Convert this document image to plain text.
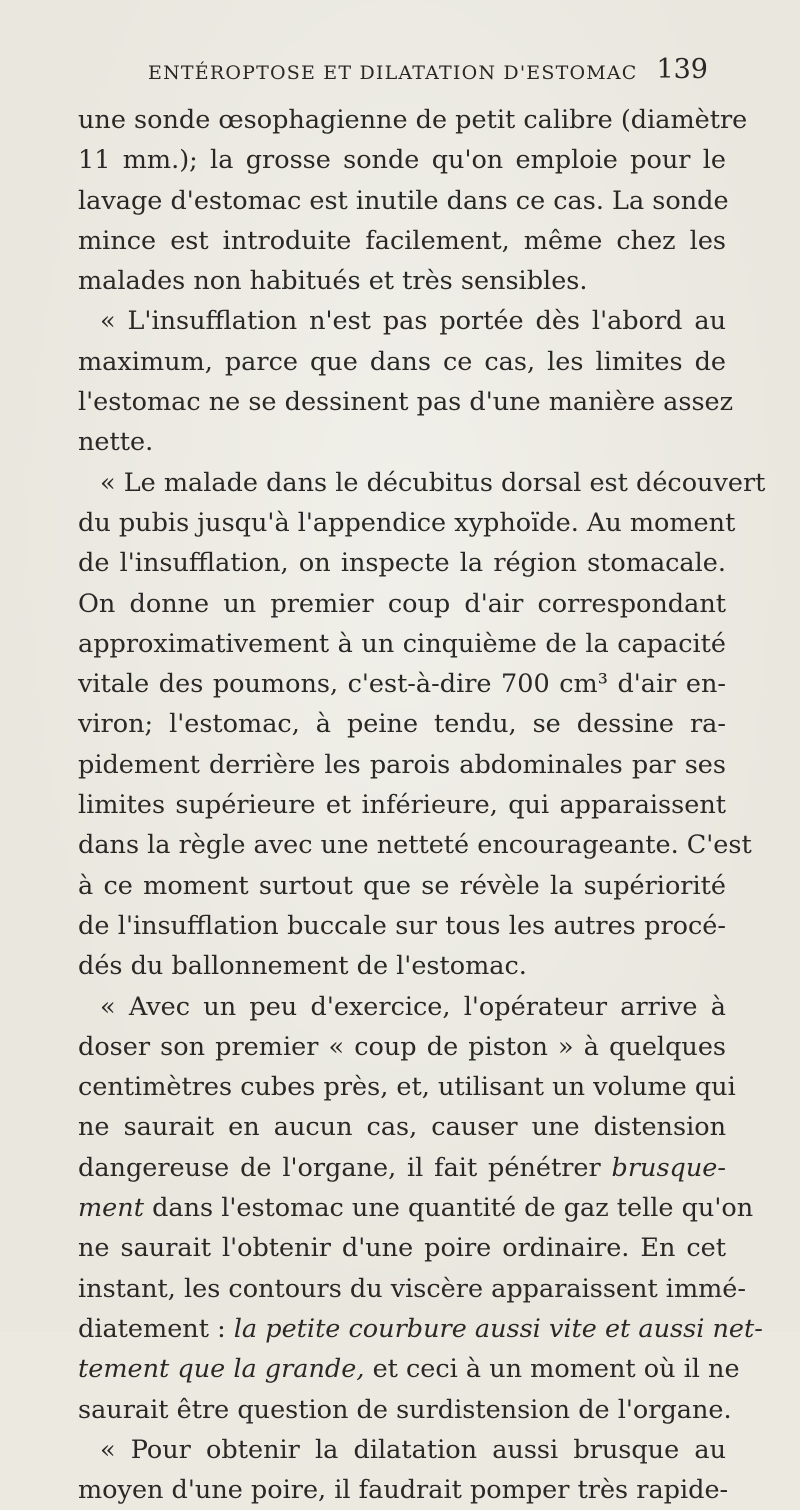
ENTÉROPTOSE ET DILATATION D'ESTOMAC 139
une sonde œsophagienne de petit calibre (diamètre
11 mm.); la grosse sonde qu'on emploie pour le
lavage d'estomac est inutile dans ce cas. La sonde
mince est introduite facilement, même chez les
malades non habitués et très sensibles.
« L'insufflation n'est pas portée dès l'abord au
maximum, parce que dans ce cas, les limites de
l'estomac ne se dessinent pas d'une manière assez
nette.
« Le malade dans le décubitus dorsal est découvert
du pubis jusqu'à l'appendice xyphoïde. Au moment
de l'insufflation, on inspecte la région stomacale.
On donne un premier coup d'air correspondant
approximativement à un cinquième de la capacité
vitale des poumons, c'est-à-dire 700 cm³ d'air en-
viron; l'estomac, à peine tendu, se dessine ra-
pidement derrière les parois abdominales par ses
limites supérieure et inférieure, qui apparaissent
dans la règle avec une netteté encourageante. C'est
à ce moment surtout que se révèle la supériorité
de l'insufflation buccale sur tous les autres procé-
dés du ballonnement de l'estomac.
« Avec un peu d'exercice, l'opérateur arrive à
doser son premier « coup de piston » à quelques
centimètres cubes près, et, utilisant un volume qui
ne saurait en aucun cas, causer une distension
dangereuse de l'organe, il fait pénétrer brusque-
ment dans l'estomac une quantité de gaz telle qu'on
ne saurait l'obtenir d'une poire ordinaire. En cet
instant, les contours du viscère apparaissent immé-
diatement : la petite courbure aussi vite et aussi net-
tement que la grande, et ceci à un moment où il ne
saurait être question de surdistension de l'organe.
« Pour obtenir la dilatation aussi brusque au
moyen d'une poire, il faudrait pomper très rapide-
